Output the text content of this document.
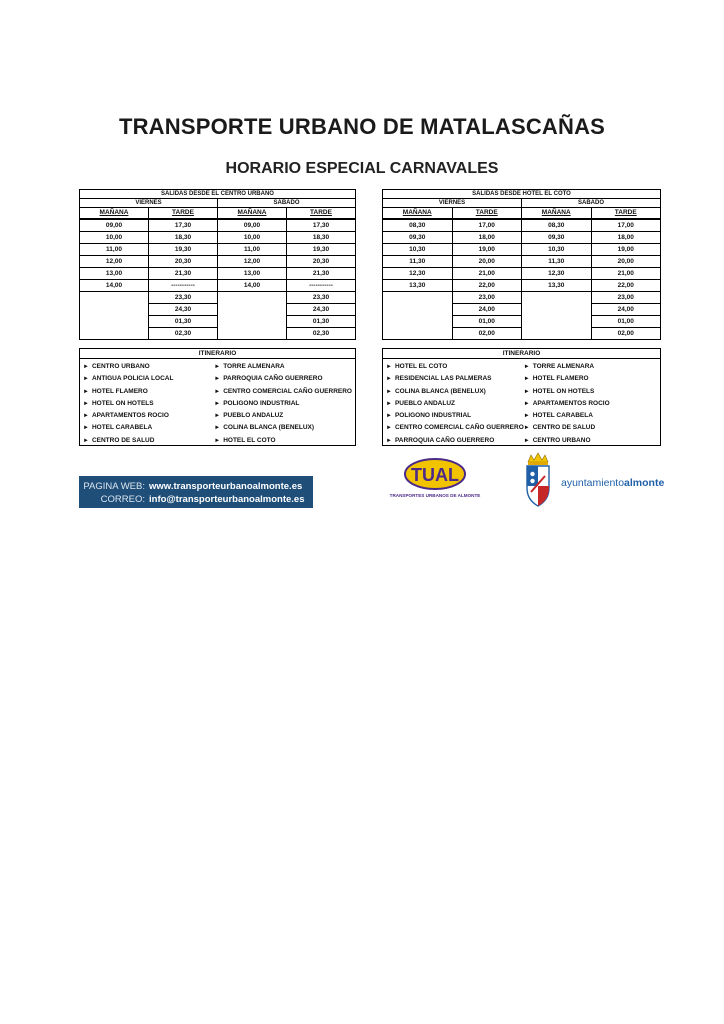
TRANSPORTE URBANO DE MATALASCAÑAS
HORARIO ESPECIAL CARNAVALES
SALIDAS DESDE EL CENTRO URBANO			
VIERNES		SABADO	
MAÑANA	TARDE	MAÑANA	TARDE
09,00	17,30	09,00	17,30
10,00	18,30	10,00	18,30
11,00	19,30	11,00	19,30
12,00	20,30	12,00	20,30
13,00	21,30	13,00	21,30
14,00	-----------	14,00	-----------
	23,30		23,30
	24,30		24,30
	01,30		01,30
	02,30		02,30
SALIDAS DESDE HOTEL EL COTO			
VIERNES		SABADO	
MAÑANA	TARDE	MAÑANA	TARDE
08,30	17,00	08,30	17,00
09,30	18,00	09,30	18,00
10,30	19,00	10,30	19,00
11,30	20,00	11,30	20,00
12,30	21,00	12,30	21,00
13,30	22,00	13,30	22,00
	23,00		23,00
	24,00		24,00
	01,00		01,00
	02,00		02,00
ITINERARIO
► CENTRO URBANO
► ANTIGUA POLICIA LOCAL
► HOTEL FLAMERO
► HOTEL ON HOTELS
► APARTAMENTOS ROCIO
► HOTEL CARABELA
► CENTRO DE SALUD
► TORRE ALMENARA
► PARROQUIA CAÑO GUERRERO
► CENTRO COMERCIAL CAÑO GUERRERO
► POLIGONO INDUSTRIAL
► PUEBLO ANDALUZ
► COLINA BLANCA (BENELUX)
► HOTEL EL COTO
ITINERARIO
► HOTEL EL COTO
► RESIDENCIAL LAS PALMERAS
► COLINA BLANCA (BENELUX)
► PUEBLO ANDALUZ
► POLIGONO INDUSTRIAL
► CENTRO COMERCIAL CAÑO GUERRERO
► PARROQUIA CAÑO GUERRERO
► TORRE ALMENARA
► HOTEL FLAMERO
► HOTEL ON HOTELS
► APARTAMENTOS ROCIO
► HOTEL CARABELA
► CENTRO DE SALUD
► CENTRO URBANO
PAGINA WEB: www.transporteurbanoalmonte.es
CORREO: info@transporteurbanoalmonte.es
TUAL
TRANSPORTES URBANOS DE ALMONTE
ayuntamientoalmonte
